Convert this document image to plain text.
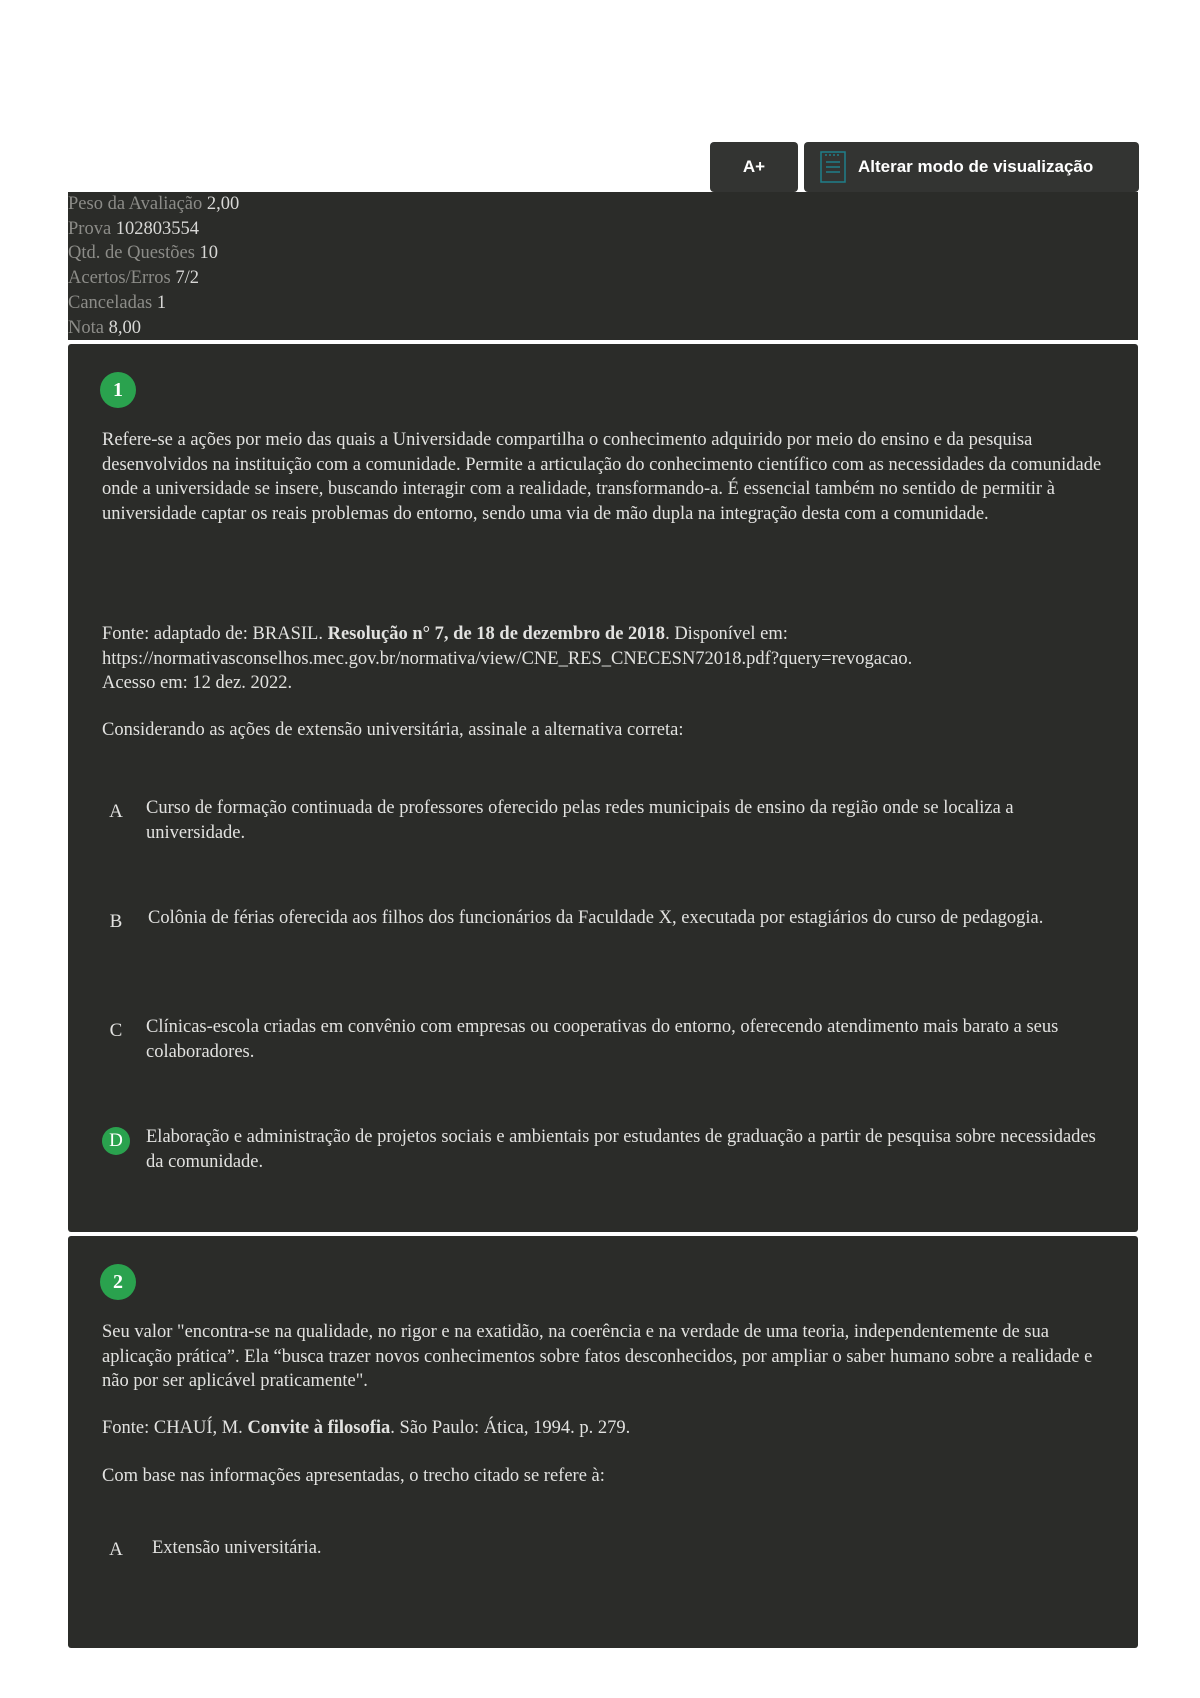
A+	Alterar modo de visualização
Peso da Avaliação 2,00
Prova 102803554
Qtd. de Questões 10
Acertos/Erros 7/2
Canceladas 1
Nota 8,00
1
Refere-se a ações por meio das quais a Universidade compartilha o conhecimento adquirido por meio do ensino e da pesquisa desenvolvidos na instituição com a comunidade. Permite a articulação do conhecimento científico com as necessidades da comunidade onde a universidade se insere, buscando interagir com a realidade, transformando-a. É essencial também no sentido de permitir à universidade captar os reais problemas do entorno, sendo uma via de mão dupla na integração desta com a comunidade.
Fonte: adaptado de: BRASIL. Resolução n° 7, de 18 de dezembro de 2018. Disponível em:
https://normativasconselhos.mec.gov.br/normativa/view/CNE_RES_CNECESN72018.pdf?query=revogacao.
Acesso em: 12 dez. 2022.
Considerando as ações de extensão universitária, assinale a alternativa correta:
A	Curso de formação continuada de professores oferecido pelas redes municipais de ensino da região onde se localiza a universidade.
B	Colônia de férias oferecida aos filhos dos funcionários da Faculdade X, executada por estagiários do curso de pedagogia.
C	Clínicas-escola criadas em convênio com empresas ou cooperativas do entorno, oferecendo atendimento mais barato a seus colaboradores.
D	Elaboração e administração de projetos sociais e ambientais por estudantes de graduação a partir de pesquisa sobre necessidades da comunidade.
2
Seu valor "encontra-se na qualidade, no rigor e na exatidão, na coerência e na verdade de uma teoria, independentemente de sua aplicação prática”. Ela “busca trazer novos conhecimentos sobre fatos desconhecidos, por ampliar o saber humano sobre a realidade e não por ser aplicável praticamente".
Fonte: CHAUÍ, M. Convite à filosofia. São Paulo: Ática, 1994. p. 279.
Com base nas informações apresentadas, o trecho citado se refere à:
A	Extensão universitária.
